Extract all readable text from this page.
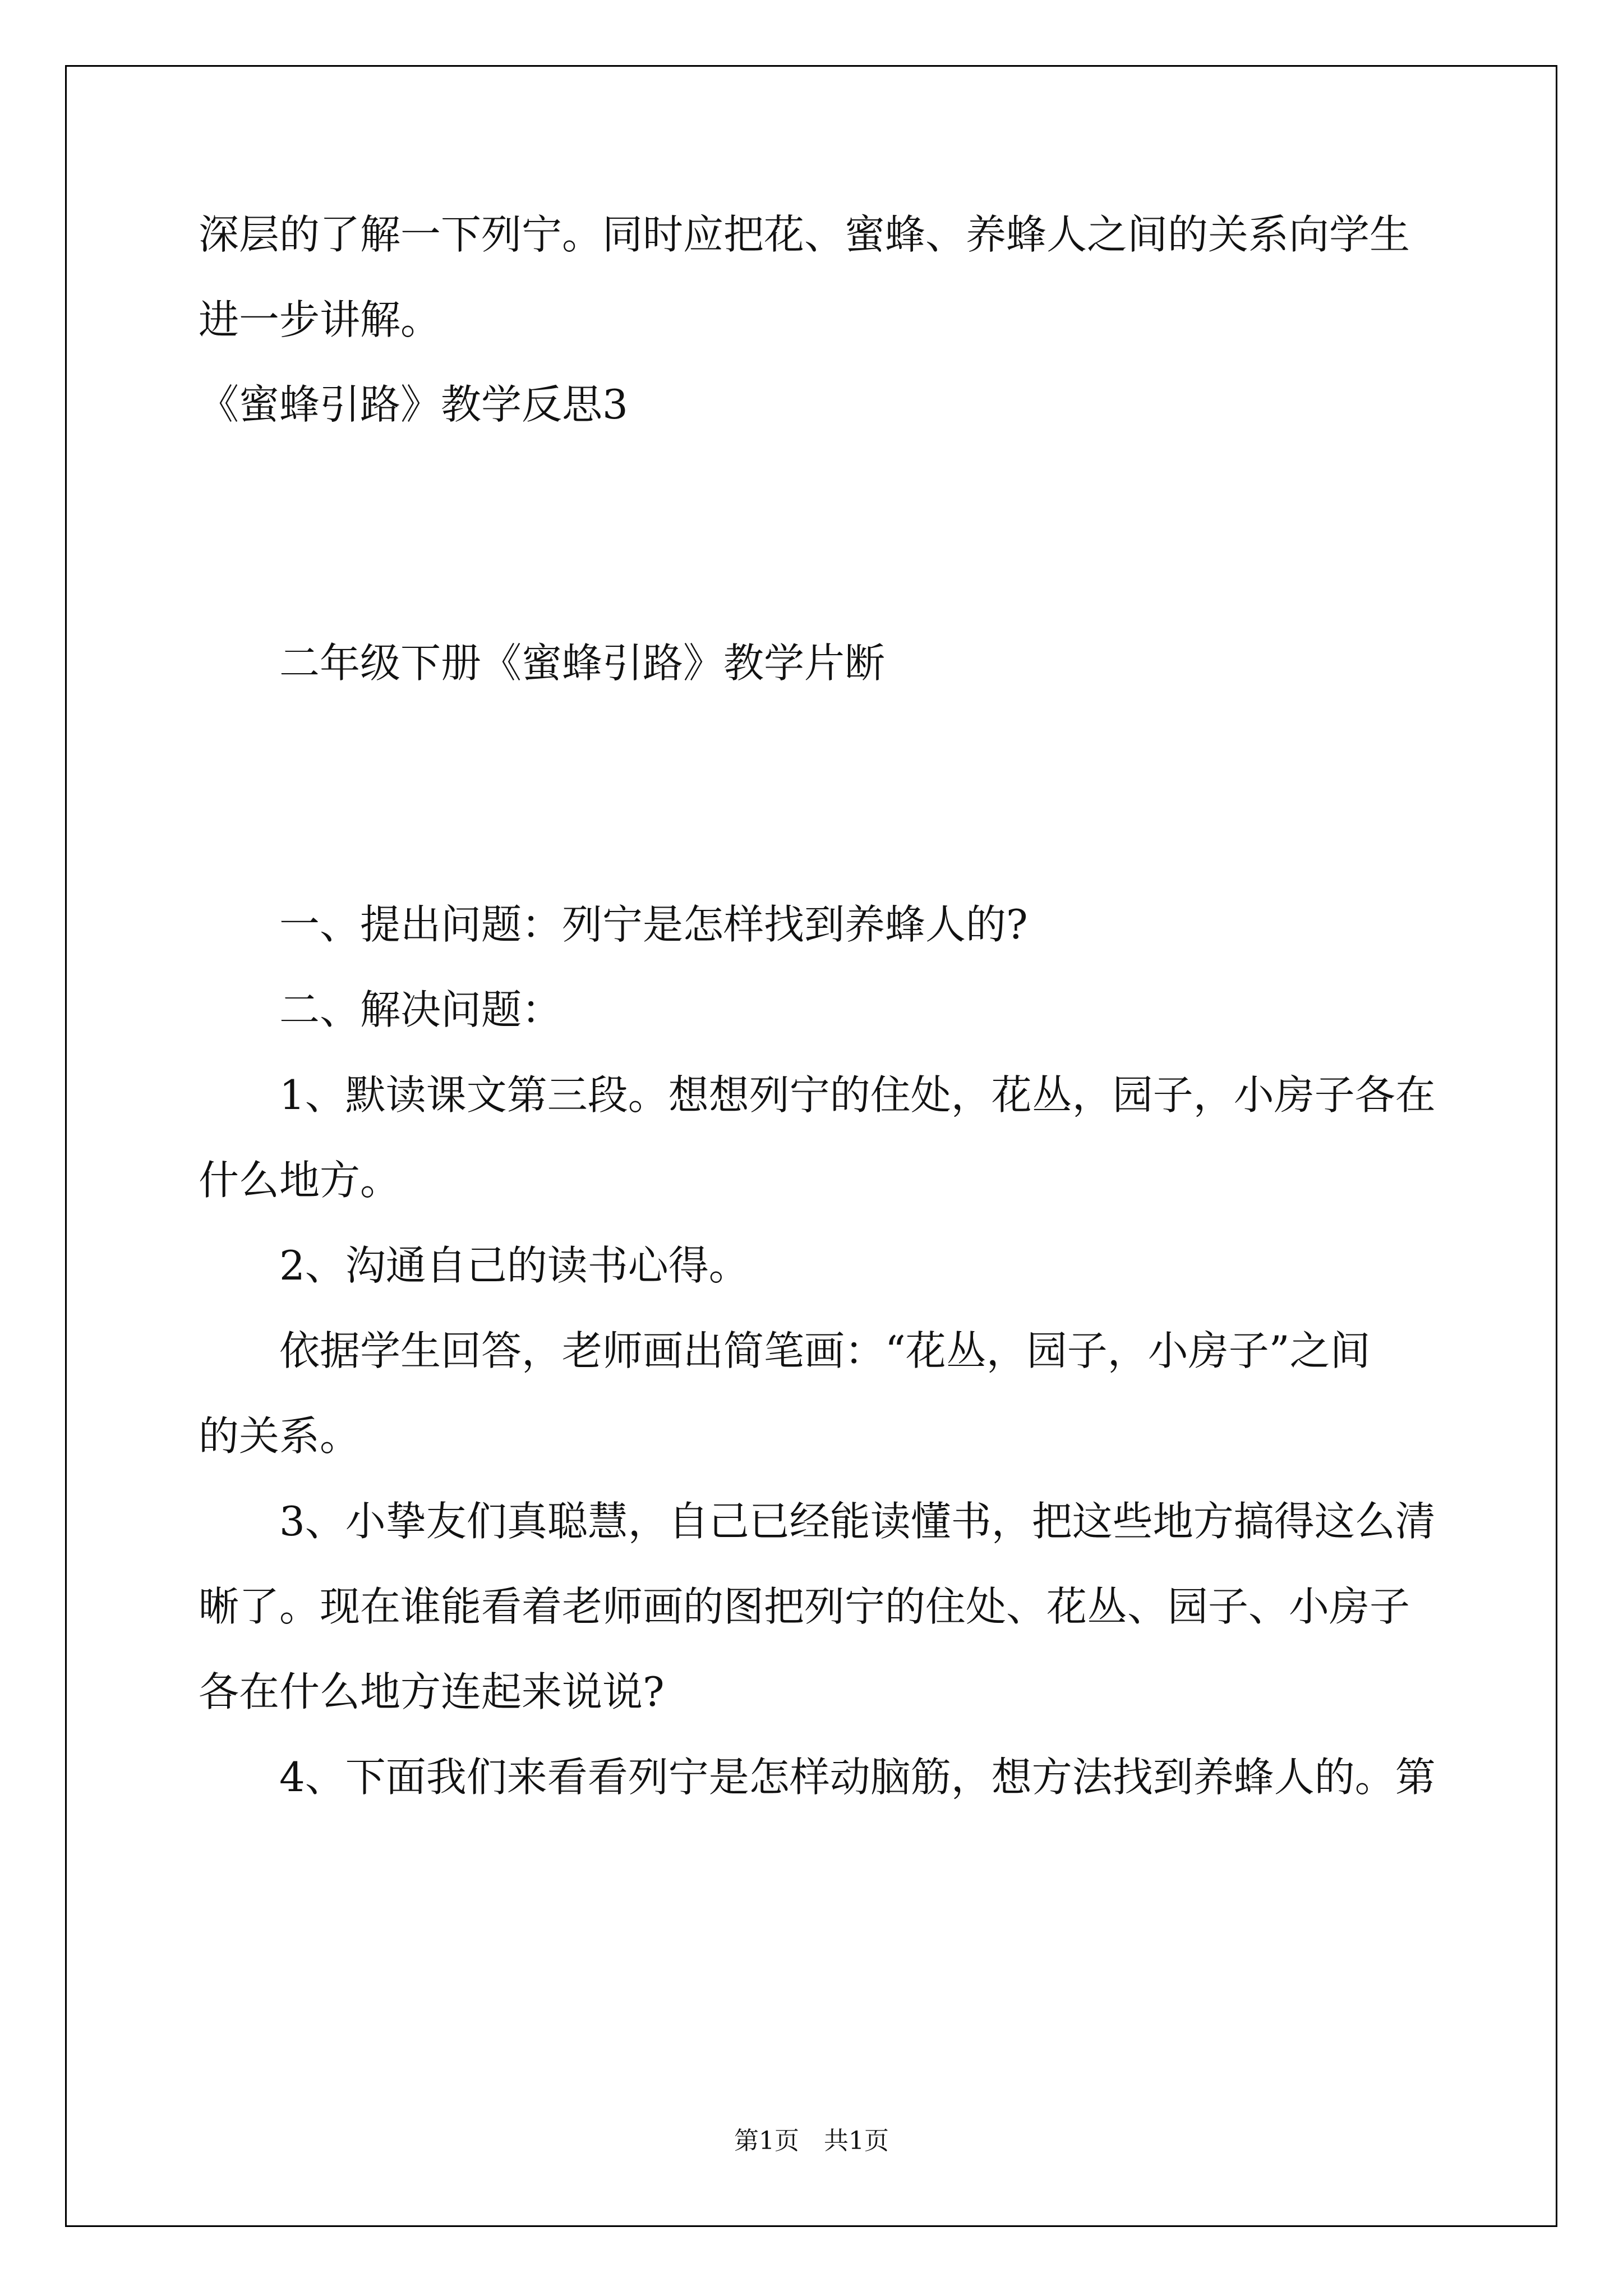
深层的了解一下列宁。同时应把花、蜜蜂、养蜂人之间的关系向学生
进一步讲解。
《蜜蜂引路》教学反思3
二年级下册《蜜蜂引路》教学片断
一、提出问题：列宁是怎样找到养蜂人的?
二、解决问题：
1、默读课文第三段。想想列宁的住处，花丛，园子，小房子各在
什么地方。
2、沟通自己的读书心得。
依据学生回答，老师画出简笔画：“花丛，园子，小房子”之间
的关系。
3、小挚友们真聪慧，自己已经能读懂书，把这些地方搞得这么清
晰了。现在谁能看着老师画的图把列宁的住处、花丛、园子、小房子
各在什么地方连起来说说?
4、下面我们来看看列宁是怎样动脑筋，想方法找到养蜂人的。第
第1页　共1页
